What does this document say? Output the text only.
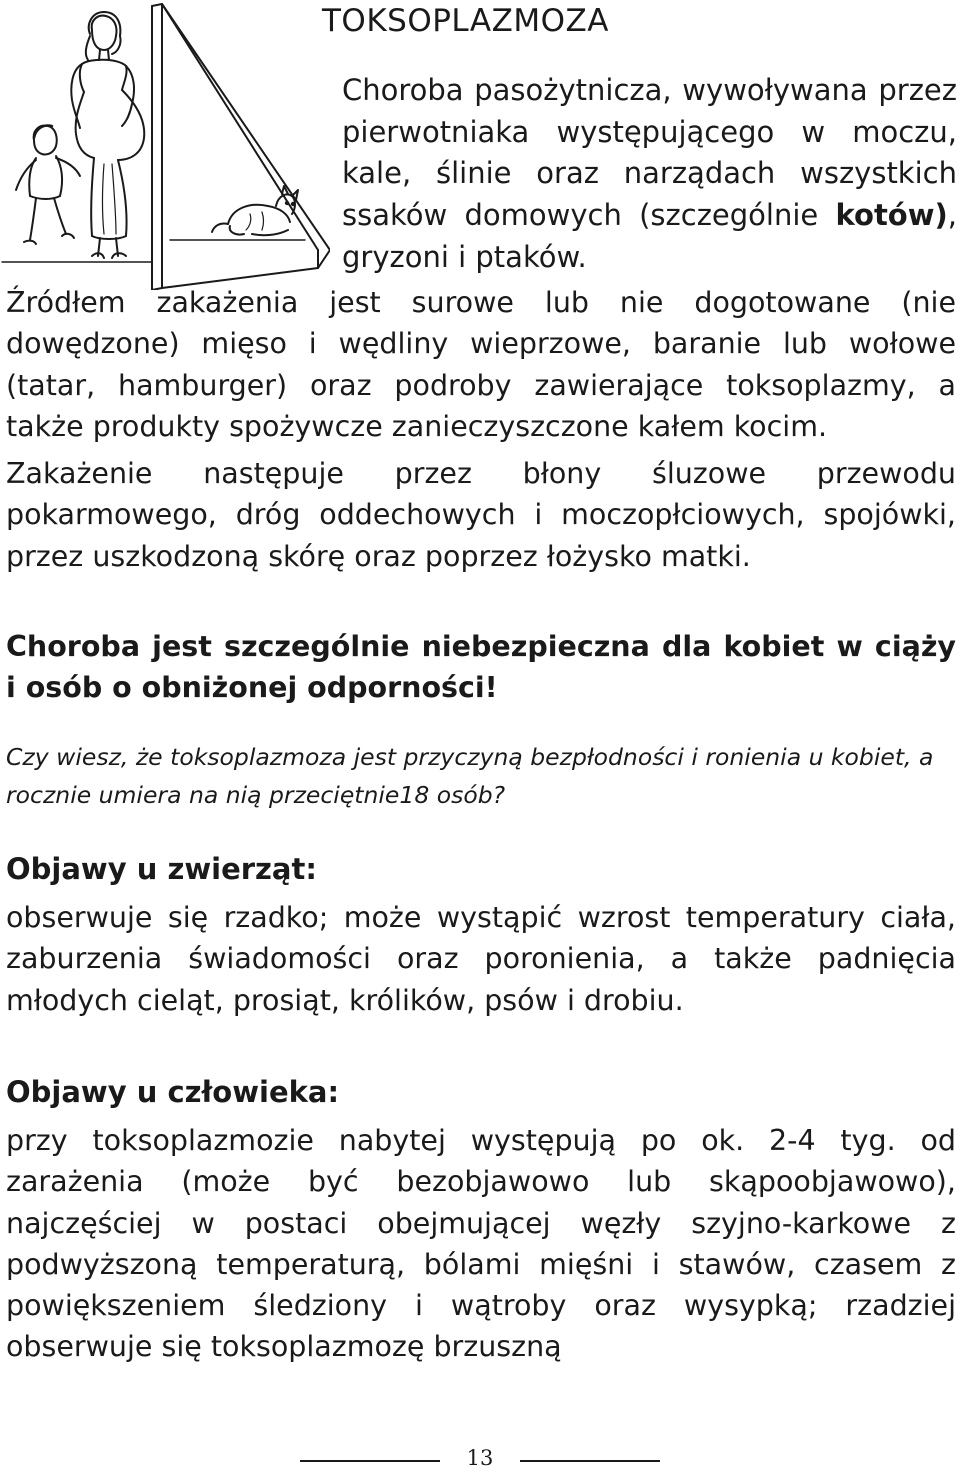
TOKSOPLAZMOZA

Choroba pasożytnicza, wywoływana przez pierwotniaka występującego w moczu, kale, ślinie oraz narządach wszystkich ssaków domowych (szczególnie kotów), gryzoni i ptaków.

Źródłem zakażenia jest surowe lub nie dogotowane (nie dowędzone) mięso i wędliny wieprzowe, baranie lub wołowe (tatar, hamburger) oraz podroby zawierające toksoplazmy, a także produkty spożywcze zanieczyszczone kałem kocim.

Zakażenie następuje przez błony śluzowe przewodu pokarmowego, dróg oddechowych i moczopłciowych, spojówki, przez uszkodzoną skórę oraz poprzez łożysko matki.

Choroba jest szczególnie niebezpieczna dla kobiet w ciąży i osób o obniżonej odporności!

Czy wiesz, że toksoplazmoza jest przyczyną bezpłodności i ronienia u kobiet, a rocznie umiera na nią przeciętnie18 osób?

Objawy u zwierząt:

obserwuje się rzadko; może wystąpić wzrost temperatury ciała, zaburzenia świadomości oraz poronienia, a także padnięcia młodych cieląt, prosiąt, królików, psów i drobiu.

Objawy u człowieka:

przy toksoplazmozie nabytej występują po ok. 2-4 tyg. od zarażenia (może być bezobjawowo lub skąpoobjawowo), najczęściej w postaci obejmującej węzły szyjno-karkowe z podwyższoną temperaturą, bólami mięśni i stawów, czasem z powiększeniem śledziony i wątroby oraz wysypką; rzadziej obserwuje się toksoplazmozę brzuszną

13
